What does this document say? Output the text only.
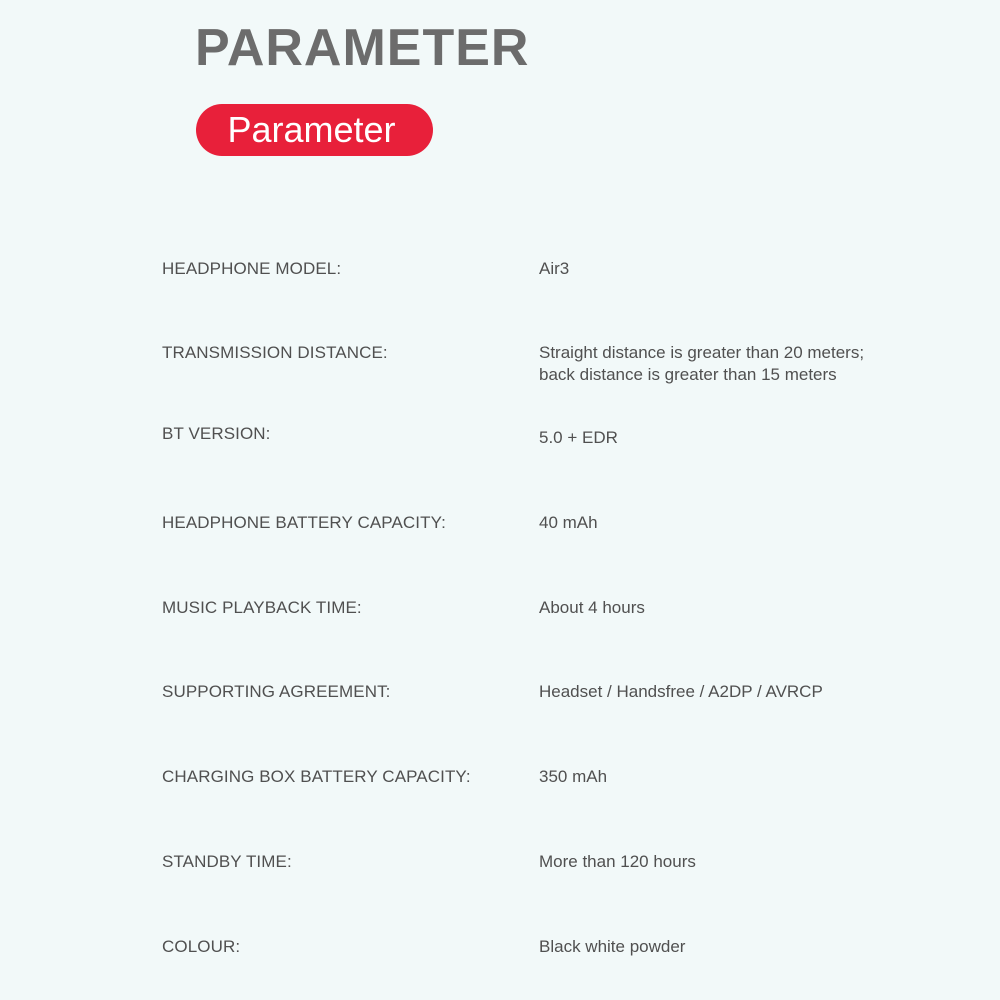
PARAMETER
Parameter
HEADPHONE MODEL:	Air3
TRANSMISSION DISTANCE:	Straight distance is greater than 20 meters;
back distance is greater than 15 meters
BT VERSION:	5.0 + EDR
HEADPHONE BATTERY CAPACITY:	40 mAh
MUSIC PLAYBACK TIME:	About 4 hours
SUPPORTING AGREEMENT:	Headset / Handsfree / A2DP / AVRCP
CHARGING BOX BATTERY CAPACITY:	350 mAh
STANDBY TIME:	More than 120 hours
COLOUR:	Black white powder
